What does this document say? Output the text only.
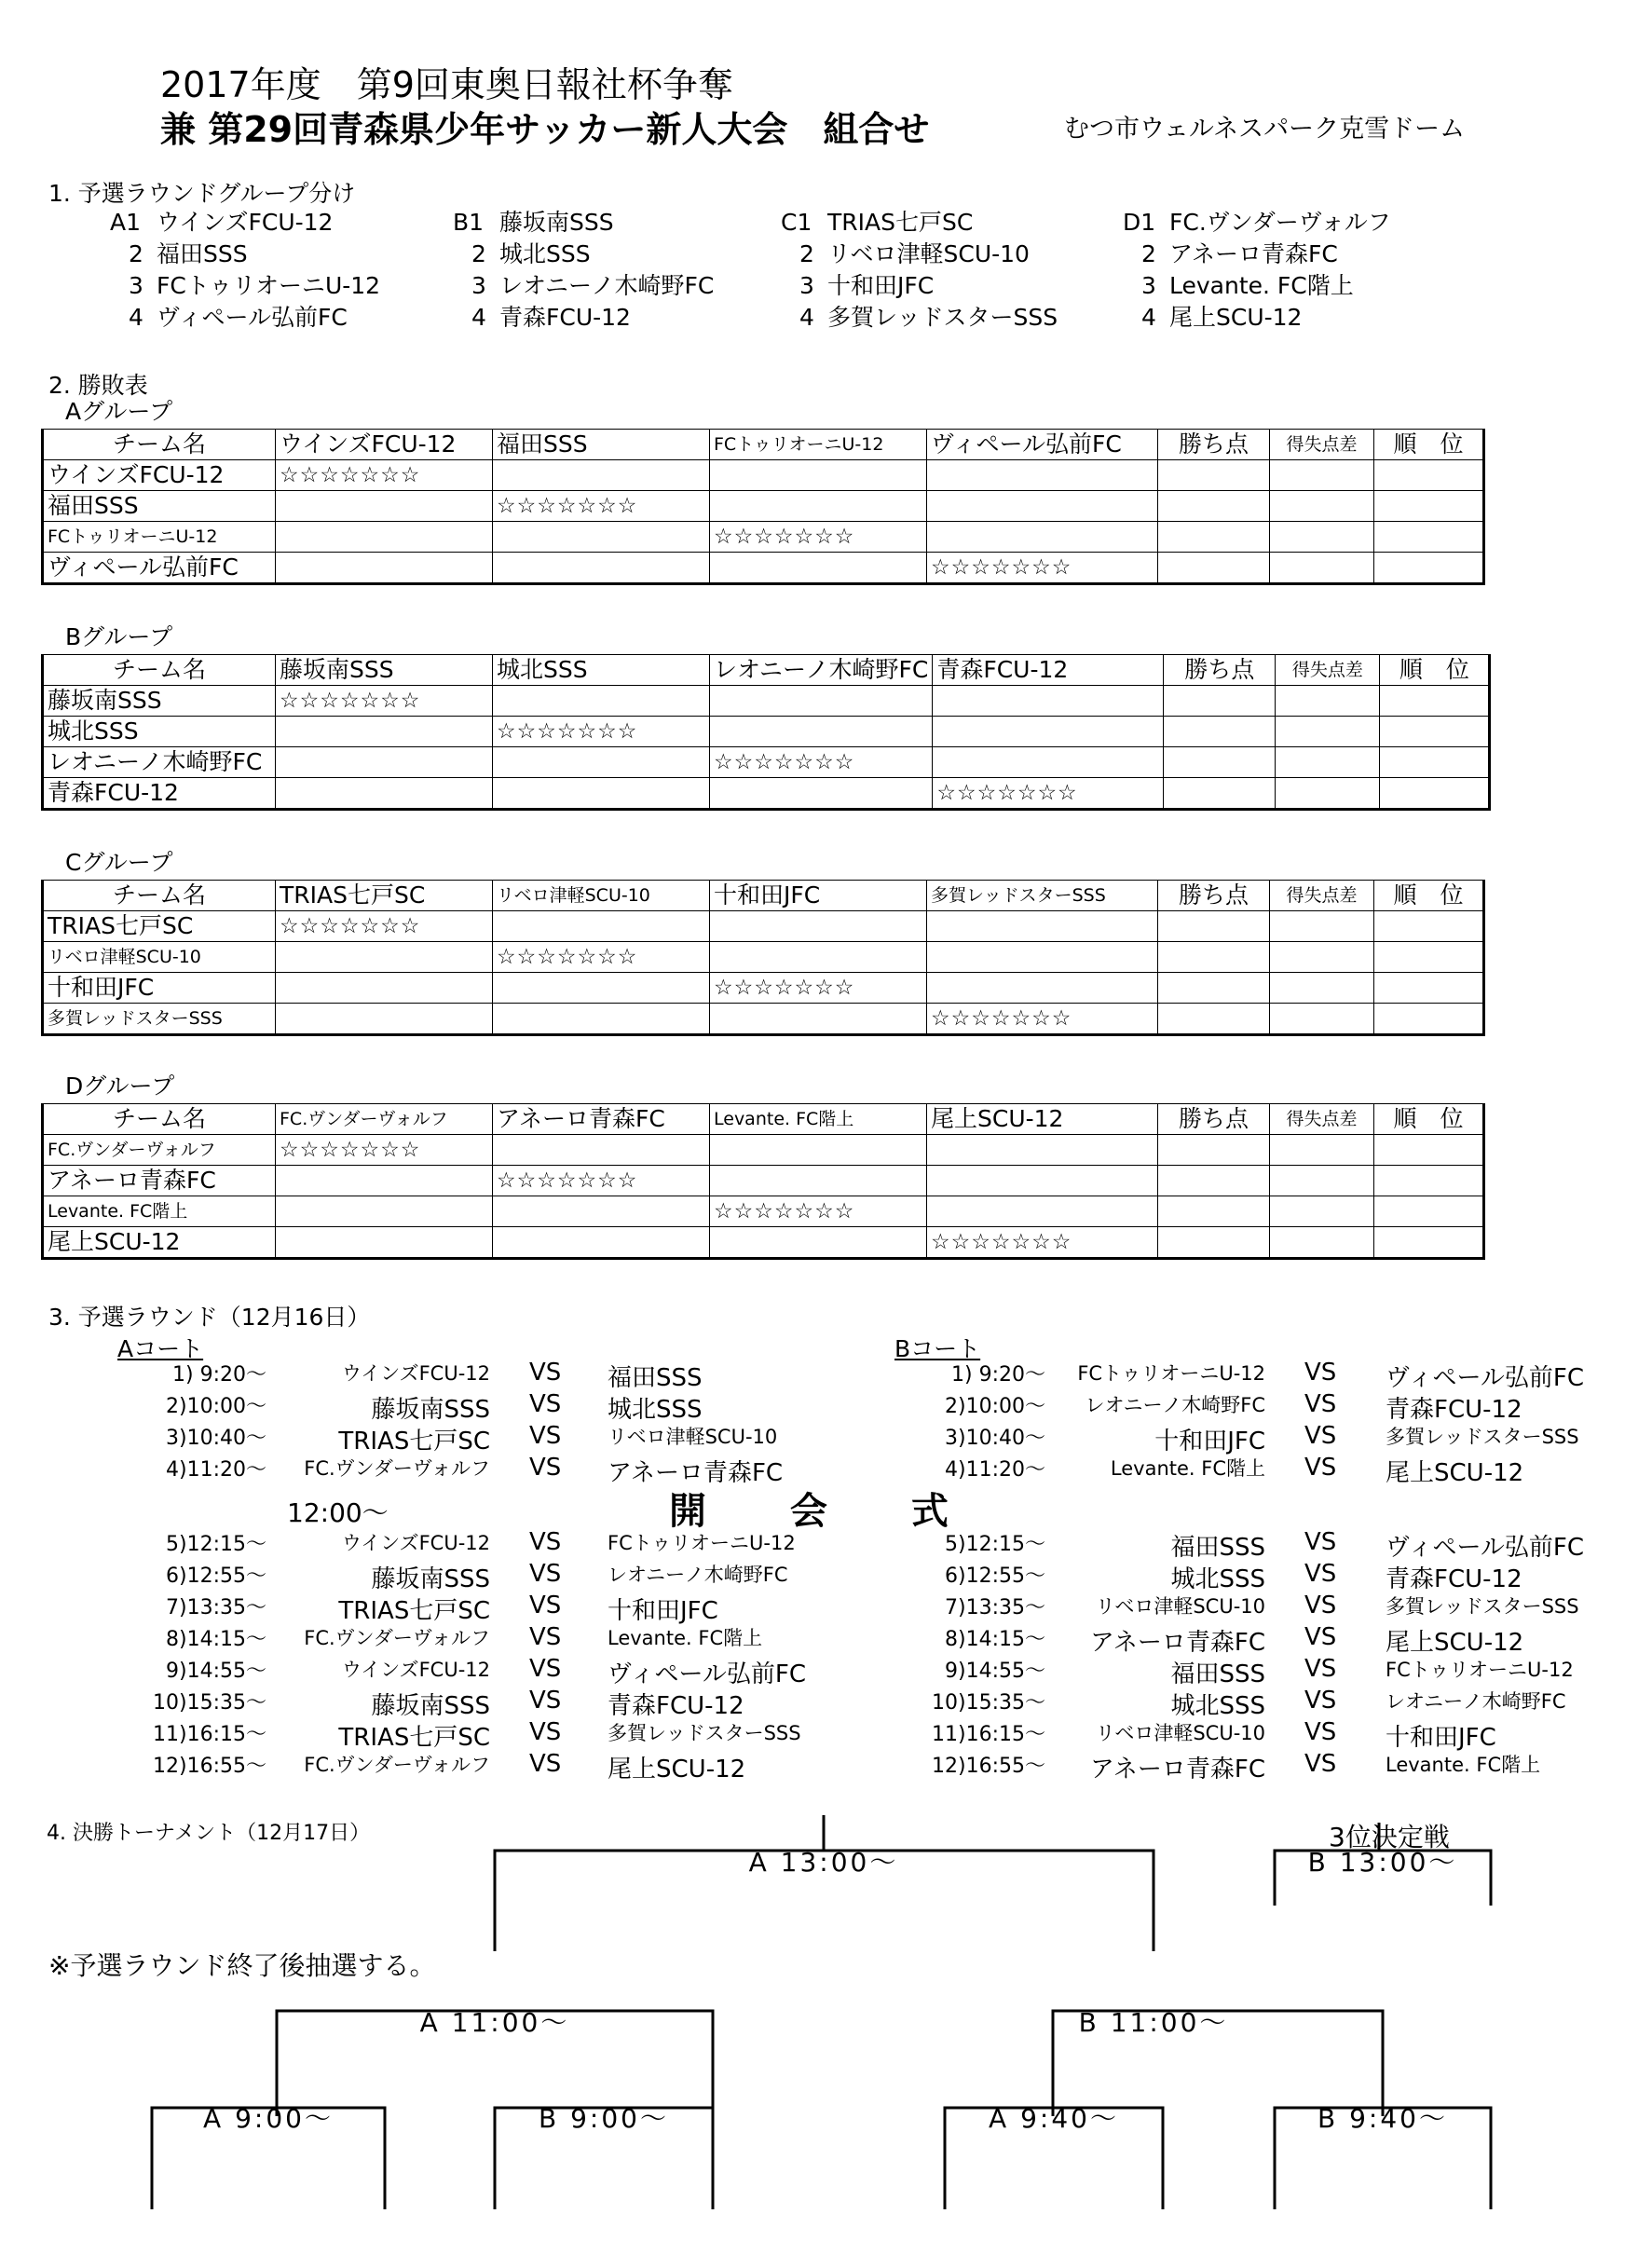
2017年度　第9回東奥日報社杯争奪
兼 第29回青森県少年サッカー新人大会　組合せ	むつ市ウェルネスパーク克雪ドーム
1. 予選ラウンドグループ分け
A1 ウインズFCU-12
2 福田SSS
3 FCトゥリオーニU-12
4 ヴィペール弘前FC
B1 藤坂南SSS
2 城北SSS
3 レオニーノ木崎野FC
4 青森FCU-12
C1 TRIAS七戸SC
2 リベロ津軽SCU-10
3 十和田JFC
4 多賀レッドスターSSS
D1 FC.ヴンダーヴォルフ
2 アネーロ青森FC
3 Levante. FC階上
4 尾上SCU-12
2. 勝敗表
Aグループ
チーム名	ウインズFCU-12	福田SSS	FCトゥリオーニU-12	ヴィペール弘前FC	勝ち点	得失点差	順　位
ウインズFCU-12	☆☆☆☆☆☆☆						
福田SSS		☆☆☆☆☆☆☆					
FCトゥリオーニU-12			☆☆☆☆☆☆☆				
ヴィペール弘前FC				☆☆☆☆☆☆☆			
Bグループ
チーム名	藤坂南SSS	城北SSS	レオニーノ木崎野FC	青森FCU-12	勝ち点	得失点差	順　位
藤坂南SSS	☆☆☆☆☆☆☆						
城北SSS		☆☆☆☆☆☆☆					
レオニーノ木崎野FC			☆☆☆☆☆☆☆				
青森FCU-12				☆☆☆☆☆☆☆			
Cグループ
チーム名	TRIAS七戸SC	リベロ津軽SCU-10	十和田JFC	多賀レッドスターSSS	勝ち点	得失点差	順　位
TRIAS七戸SC	☆☆☆☆☆☆☆						
リベロ津軽SCU-10		☆☆☆☆☆☆☆					
十和田JFC			☆☆☆☆☆☆☆				
多賀レッドスターSSS				☆☆☆☆☆☆☆			
Dグループ
チーム名	FC.ヴンダーヴォルフ	アネーロ青森FC	Levante. FC階上	尾上SCU-12	勝ち点	得失点差	順　位
FC.ヴンダーヴォルフ	☆☆☆☆☆☆☆						
アネーロ青森FC		☆☆☆☆☆☆☆					
Levante. FC階上			☆☆☆☆☆☆☆				
尾上SCU-12				☆☆☆☆☆☆☆			
3. 予選ラウンド（12月16日）
Aコート	Bコート
1) 9:20～	ウインズFCU-12 VS 福田SSS
2)10:00～	藤坂南SSS VS 城北SSS
3)10:40～	TRIAS七戸SC VS リベロ津軽SCU-10
4)11:20～ FC.ヴンダーヴォルフ VS アネーロ青森FC
5)12:15～	ウインズFCU-12 VS FCトゥリオーニU-12
6)12:55～	藤坂南SSS VS レオニーノ木崎野FC
7)13:35～	TRIAS七戸SC VS 十和田JFC
8)14:15～ FC.ヴンダーヴォルフ VS Levante. FC階上
9)14:55～	ウインズFCU-12 VS ヴィペール弘前FC
10)15:35～	藤坂南SSS VS 青森FCU-12
11)16:15～	TRIAS七戸SC VS 多賀レッドスターSSS
12)16:55～ FC.ヴンダーヴォルフ VS 尾上SCU-12
1) 9:20～ FCトゥリオーニU-12 VS ヴィペール弘前FC
2)10:00～ レオニーノ木崎野FC VS 青森FCU-12
3)10:40～	十和田JFC VS	多賀レッドスターSSS
4)11:20～	Levante. FC階上 VS 尾上SCU-12
5)12:15～	福田SSS VS ヴィペール弘前FC
6)12:55～	城北SSS VS 青森FCU-12
7)13:35～	リベロ津軽SCU-10 VS	多賀レッドスターSSS
8)14:15～ アネーロ青森FC VS 尾上SCU-12
9)14:55～	福田SSS VS	FCトゥリオーニU-12
10)15:35～	城北SSS VS	レオニーノ木崎野FC
11)16:15～	リベロ津軽SCU-10 VS 十和田JFC
12)16:55～ アネーロ青森FC VS	Levante. FC階上
12:00～	開 会 式
4. 決勝トーナメント（12月17日）	3位決定戦
※予選ラウンド終了後抽選する。
A 13:00～	B 13:00～
A 11:00～	B 11:00～
A 9:00～	B 9:00～	A 9:40～	B 9:40～
